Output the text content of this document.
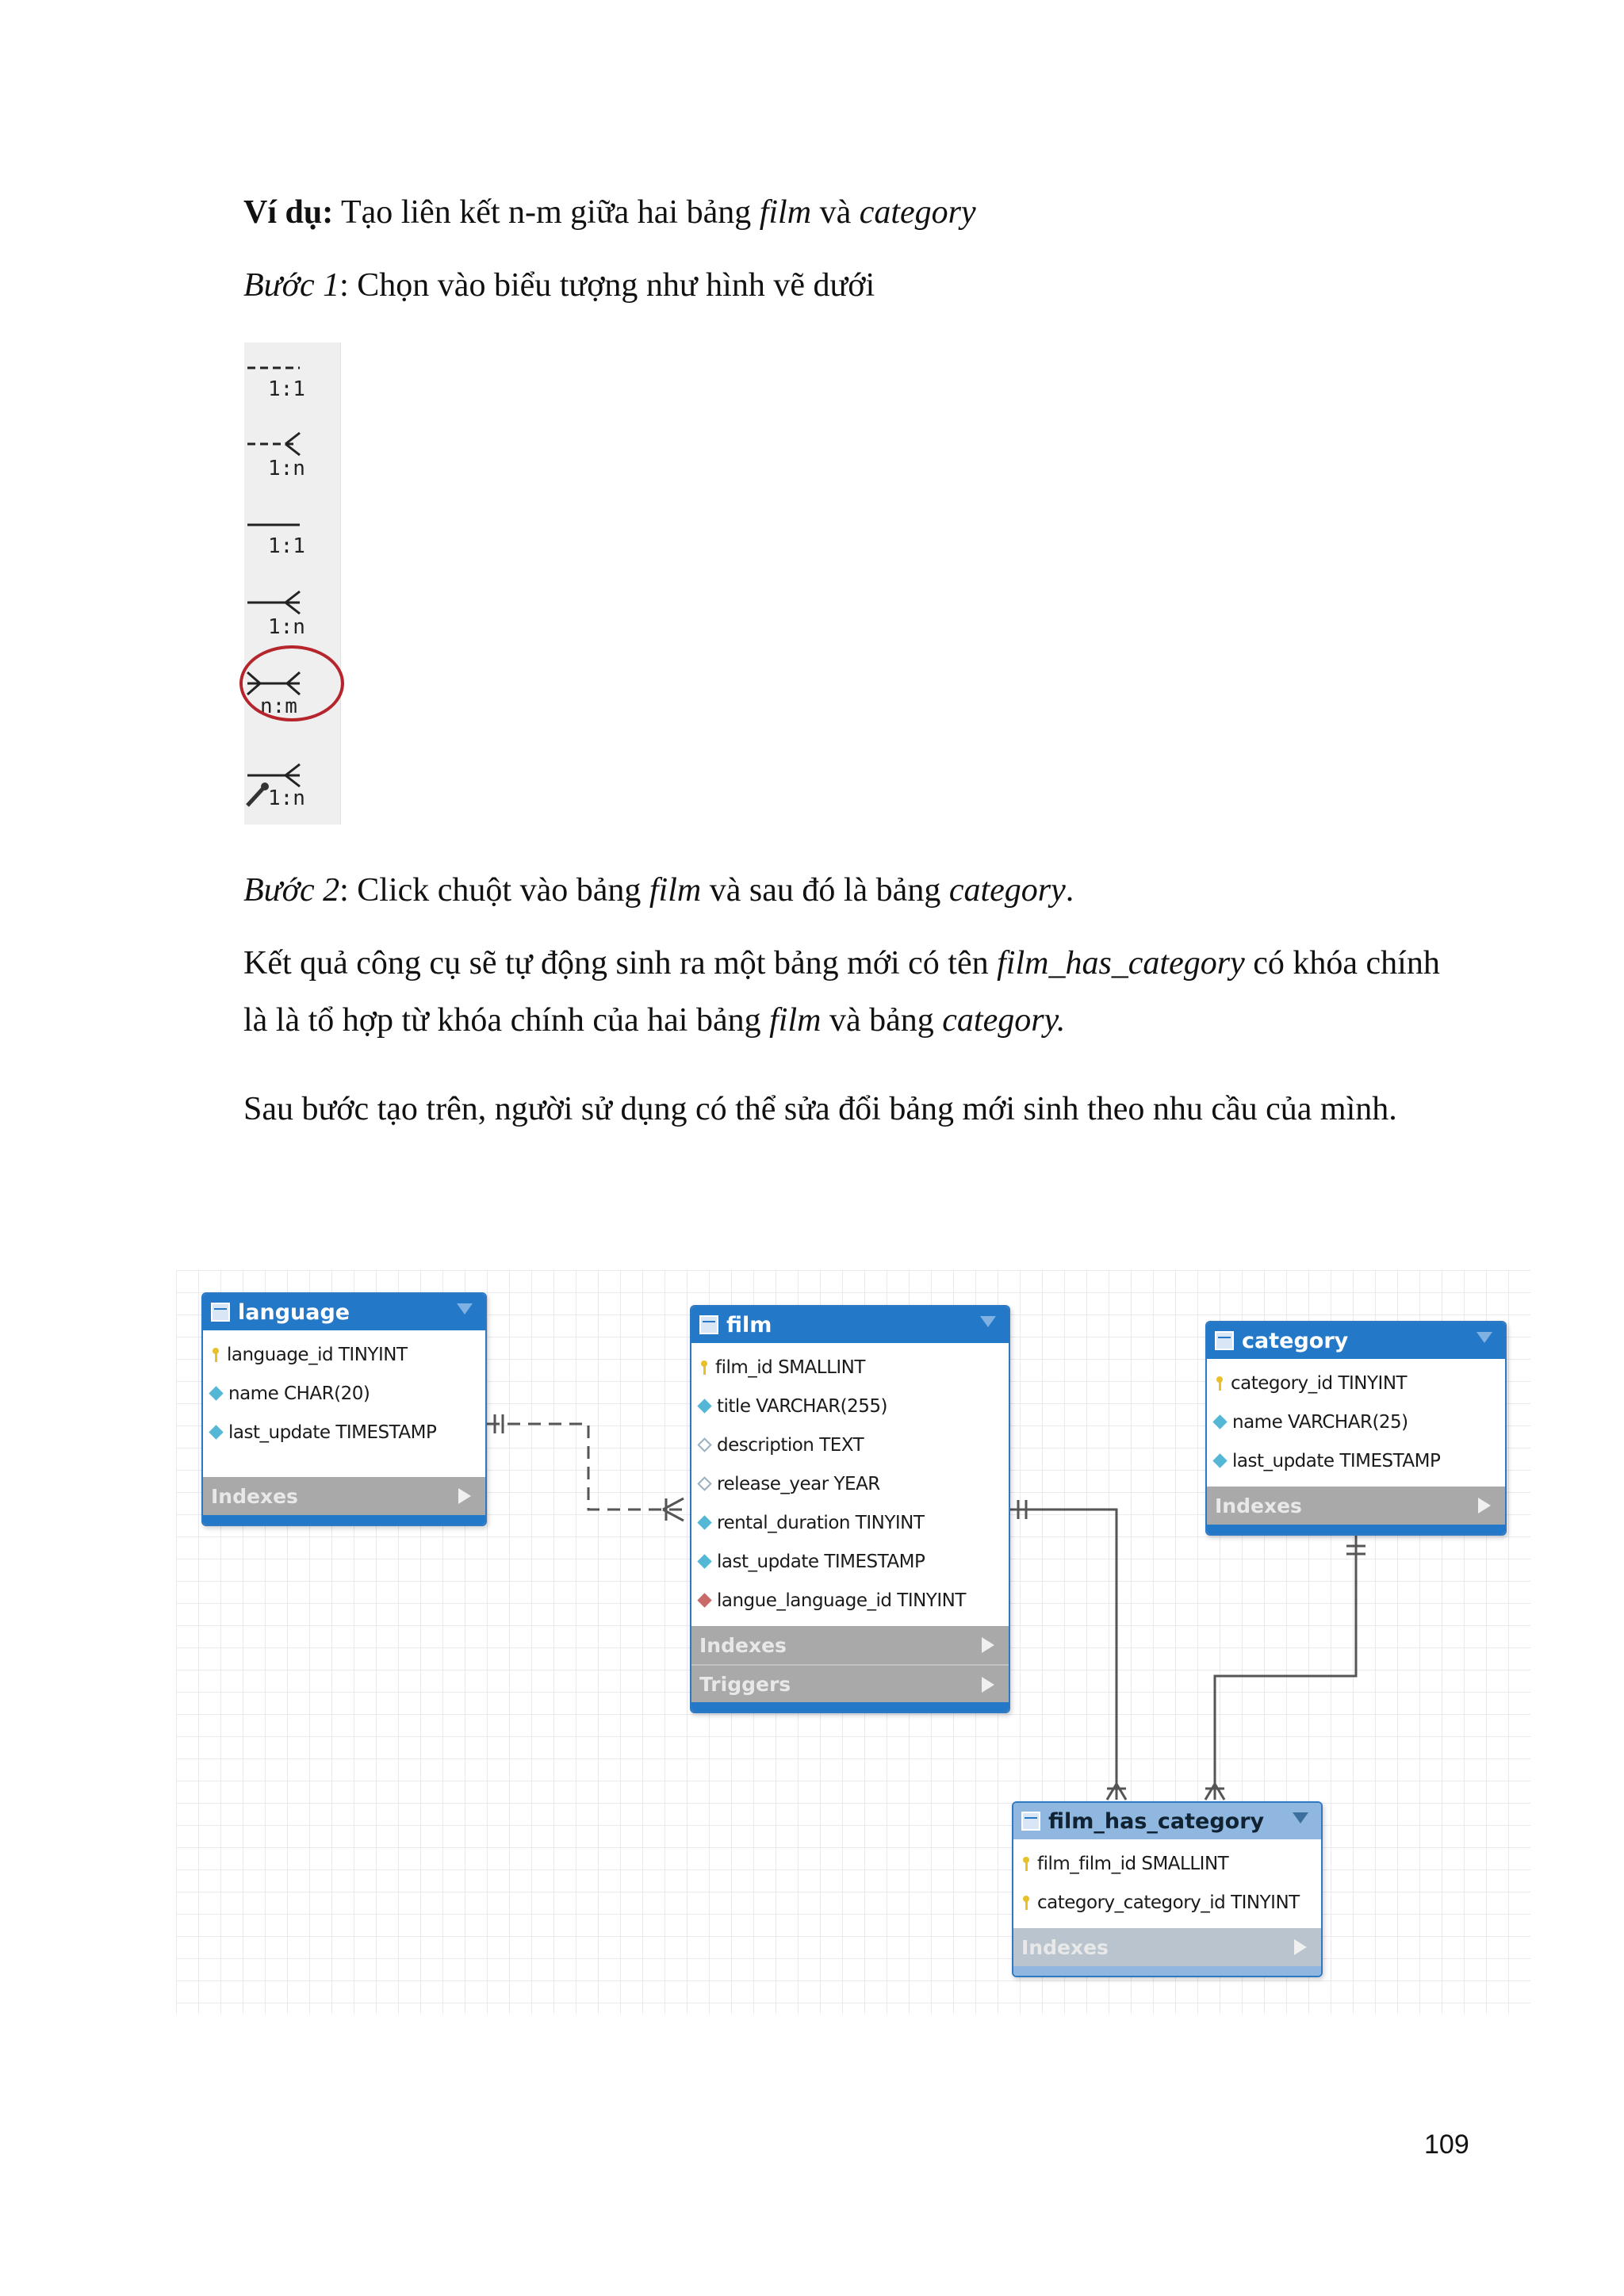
Ví dụ: Tạo liên kết n-m giữa hai bảng film và category

Bước 1: Chọn vào biểu tượng như hình vẽ dưới

Bước 2: Click chuột vào bảng film và sau đó là bảng category.

Kết quả công cụ sẽ tự động sinh ra một bảng mới có tên film_has_category có khóa chính là là tổ hợp từ khóa chính của hai bảng film và bảng category.

Sau bước tạo trên, người sử dụng có thể sửa đổi bảng mới sinh theo nhu cầu của mình.

1:1
1:n
1:1
1:n
n:m
1:n
language
language_id TINYINT
name CHAR(20)
last_update TIMESTAMP
Indexes
film
film_id SMALLINT
title VARCHAR(255)
description TEXT
release_year YEAR
rental_duration TINYINT
last_update TIMESTAMP
langue_language_id TINYINT
Indexes
Triggers
category
category_id TINYINT
name VARCHAR(25)
last_update TIMESTAMP
Indexes
film_has_category
film_film_id SMALLINT
category_category_id TINYINT
Indexes
109
